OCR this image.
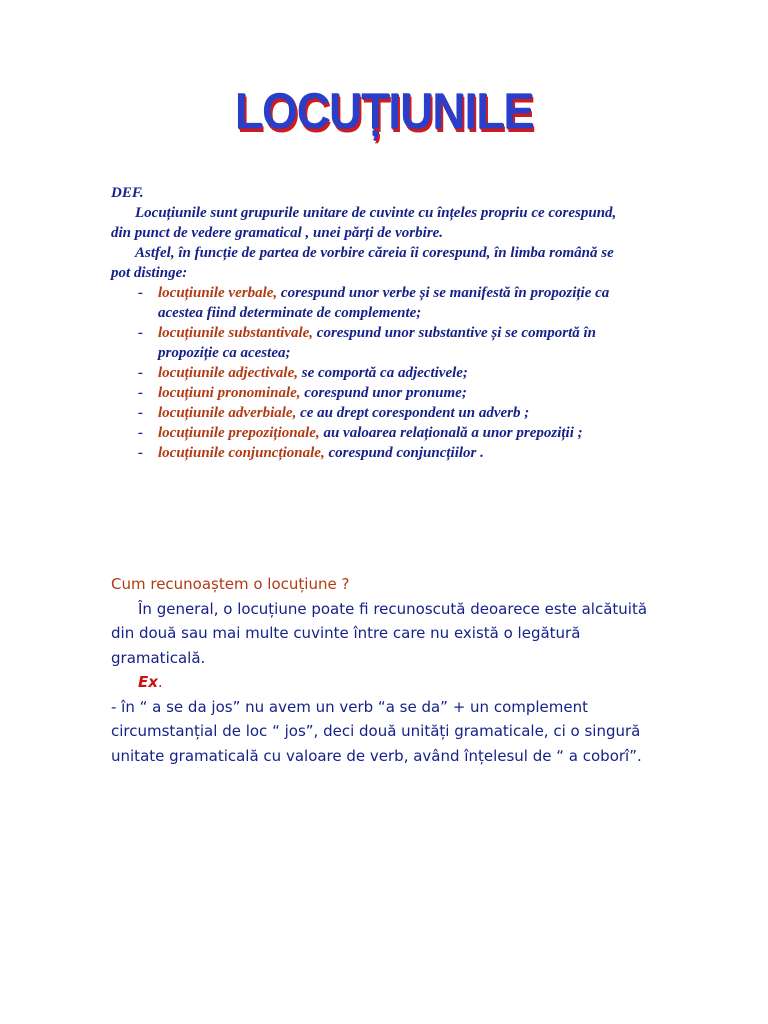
LOCUȚIUNILE

DEF.

Locuțiunile sunt grupurile unitare de cuvinte cu înțeles propriu ce corespund, din punct de vedere gramatical , unei părți de vorbire.

Astfel, în funcție de partea de vorbire căreia îi corespund, în limba română se pot distinge:

- locuțiunile verbale, corespund unor verbe și se manifestă în propoziție ca acestea fiind determinate de complemente;
- locuțiunile substantivale, corespund unor substantive și se comportă în propoziție ca acestea;
- locuțiunile adjectivale, se comportă ca adjectivele;
- locuțiuni pronominale, corespund unor pronume;
- locuțiunile adverbiale, ce au drept corespondent un adverb ;
- locuțiunile prepoziționale, au valoarea relațională a unor prepoziții ;
- locuțiunile conjuncționale, corespund conjuncțiilor .

Cum recunoaștem o locuțiune ?

În general, o locuțiune poate fi recunoscută deoarece este alcătuită din două sau mai multe cuvinte între care nu există o legătură gramaticală.

Ex.

- în “ a se da jos” nu avem un verb “a se da” + un complement circumstanțial de loc “ jos”, deci două unități gramaticale, ci o singură unitate gramaticală cu valoare de verb, având înțelesul de “ a coborî”.
